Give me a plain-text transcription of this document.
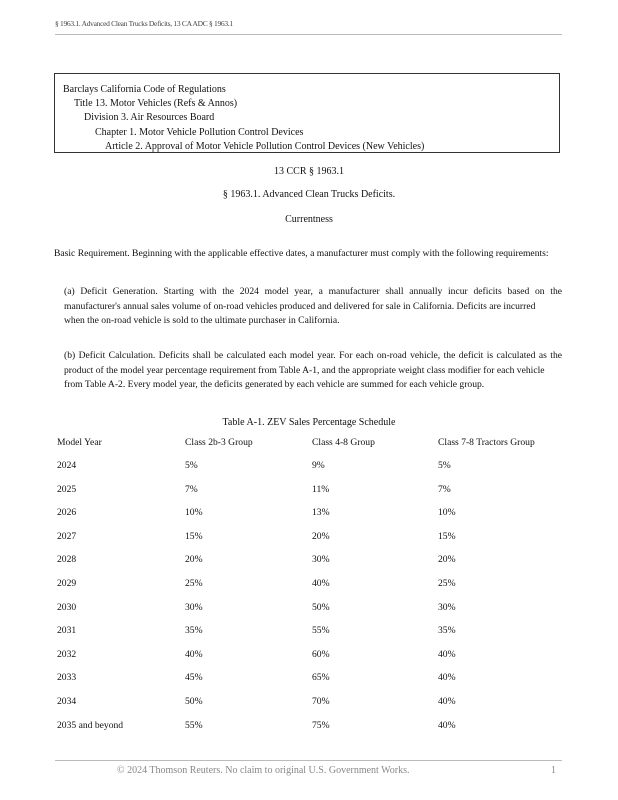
§ 1963.1. Advanced Clean Trucks Deficits, 13 CA ADC § 1963.1
Barclays California Code of Regulations
Title 13. Motor Vehicles (Refs & Annos)
Division 3. Air Resources Board
Chapter 1. Motor Vehicle Pollution Control Devices
Article 2. Approval of Motor Vehicle Pollution Control Devices (New Vehicles)
13 CCR § 1963.1
§ 1963.1. Advanced Clean Trucks Deficits.
Currentness
Basic Requirement. Beginning with the applicable effective dates, a manufacturer must comply with the following requirements:
(a) Deficit Generation. Starting with the 2024 model year, a manufacturer shall annually incur deficits based on the manufacturer's annual sales volume of on-road vehicles produced and delivered for sale in California. Deficits are incurred
when the on-road vehicle is sold to the ultimate purchaser in California.
(b) Deficit Calculation. Deficits shall be calculated each model year. For each on-road vehicle, the deficit is calculated as the product of the model year percentage requirement from Table A-1, and the appropriate weight class modifier for each vehicle
from Table A-2. Every model year, the deficits generated by each vehicle are summed for each vehicle group.
Table A-1. ZEV Sales Percentage Schedule
Model Year	Class 2b-3 Group	Class 4-8 Group	Class 7-8 Tractors Group
2024	5%	9%	5%
2025	7%	11%	7%
2026	10%	13%	10%
2027	15%	20%	15%
2028	20%	30%	20%
2029	25%	40%	25%
2030	30%	50%	30%
2031	35%	55%	35%
2032	40%	60%	40%
2033	45%	65%	40%
2034	50%	70%	40%
2035 and beyond	55%	75%	40%
© 2024 Thomson Reuters. No claim to original U.S. Government Works.	1
